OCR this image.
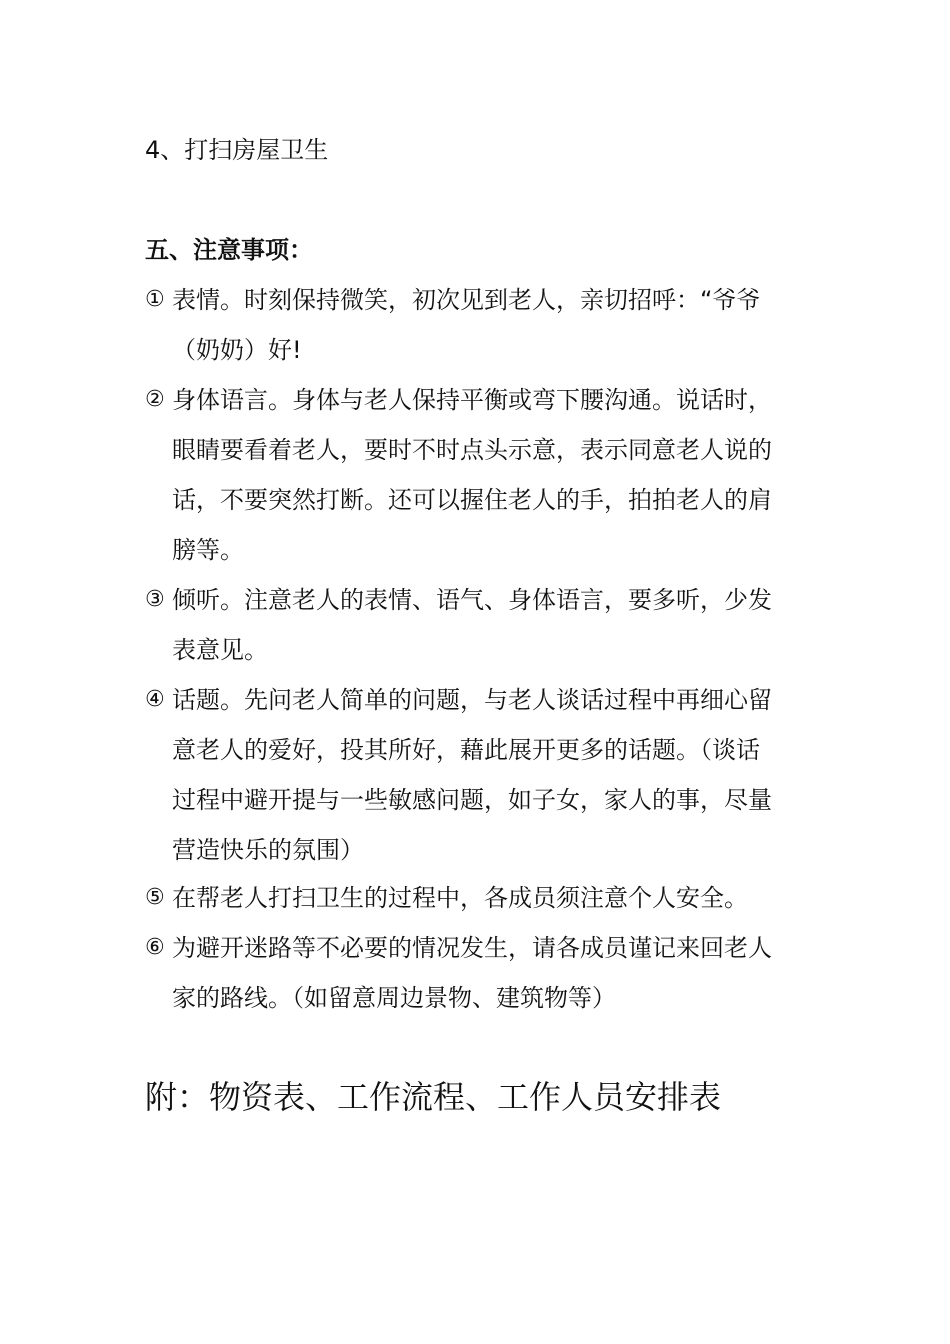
4、打扫房屋卫生
五、注意事项：
① 表情。时刻保持微笑，初次见到老人，亲切招呼：“爷爷
（奶奶）好!
② 身体语言。身体与老人保持平衡或弯下腰沟通。说话时，
眼睛要看着老人，要时不时点头示意，表示同意老人说的
话，不要突然打断。还可以握住老人的手，拍拍老人的肩
膀等。
③ 倾听。注意老人的表情、语气、身体语言，要多听，少发
表意见。
④ 话题。先问老人简单的问题，与老人谈话过程中再细心留
意老人的爱好，投其所好，藉此展开更多的话题。（谈话
过程中避开提与一些敏感问题，如子女，家人的事，尽量
营造快乐的氛围）
⑤ 在帮老人打扫卫生的过程中，各成员须注意个人安全。
⑥ 为避开迷路等不必要的情况发生，请各成员谨记来回老人
家的路线。（如留意周边景物、建筑物等）
附：物资表、工作流程、工作人员安排表
